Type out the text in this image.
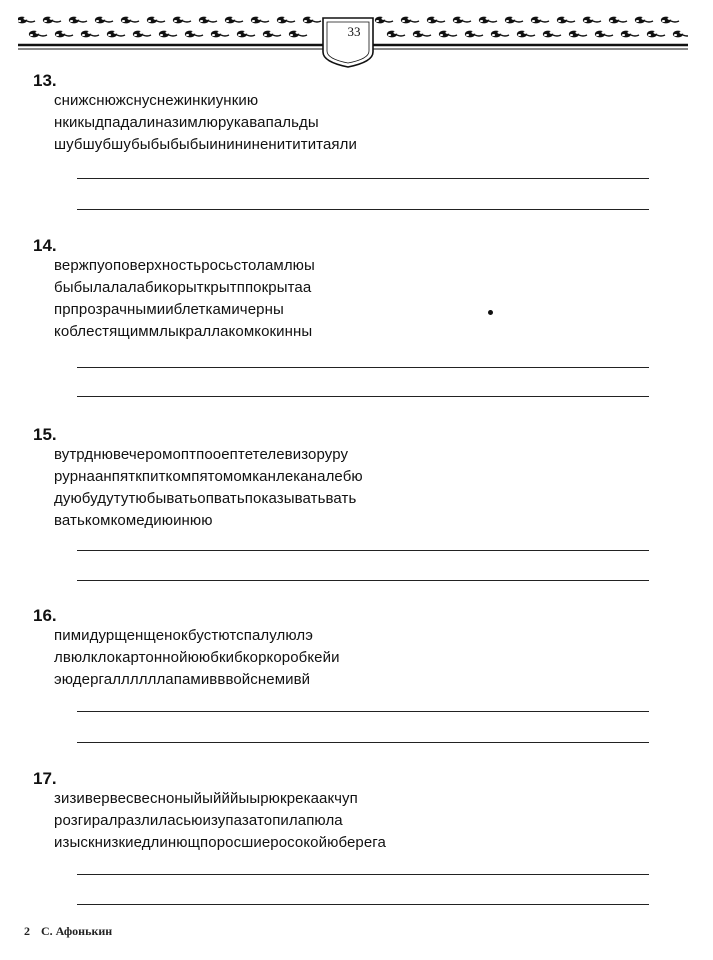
33
13.
снижснюжснуснежинкиункию
нкикыдпадалиназимлюрукавапальды
шубшубшубыбыбыбыинининенитититаяли
14.
вержпуоповерхностьросьстоламлюы
быбылалалабикорыткрытппокрытаа
прпрозрачнымииблеткамичерны
коблестящиммлыкраллакомкокинны
15.
вутрднювечеромоптпооептетелевизоруру
рурнаанпяткпиткомпятомомканлеканалебю
дуюбудутутюбыватьопватьпоказыватьвать
ватькомкомедиюинюю
16.
пимидурщенщенокбустютспалулюлэ
лвюлклокартоннойююбкибкоркоробкейи
эюдергаллллллапамивввойснемивй
17.
зизивервесвесноныйыйййыырюкрекаакчуп
розгиралразлиласьюизупазатопилапюла
изыскнизкиедлинющпоросшиеросокойюберега
2 С. Афонькин
